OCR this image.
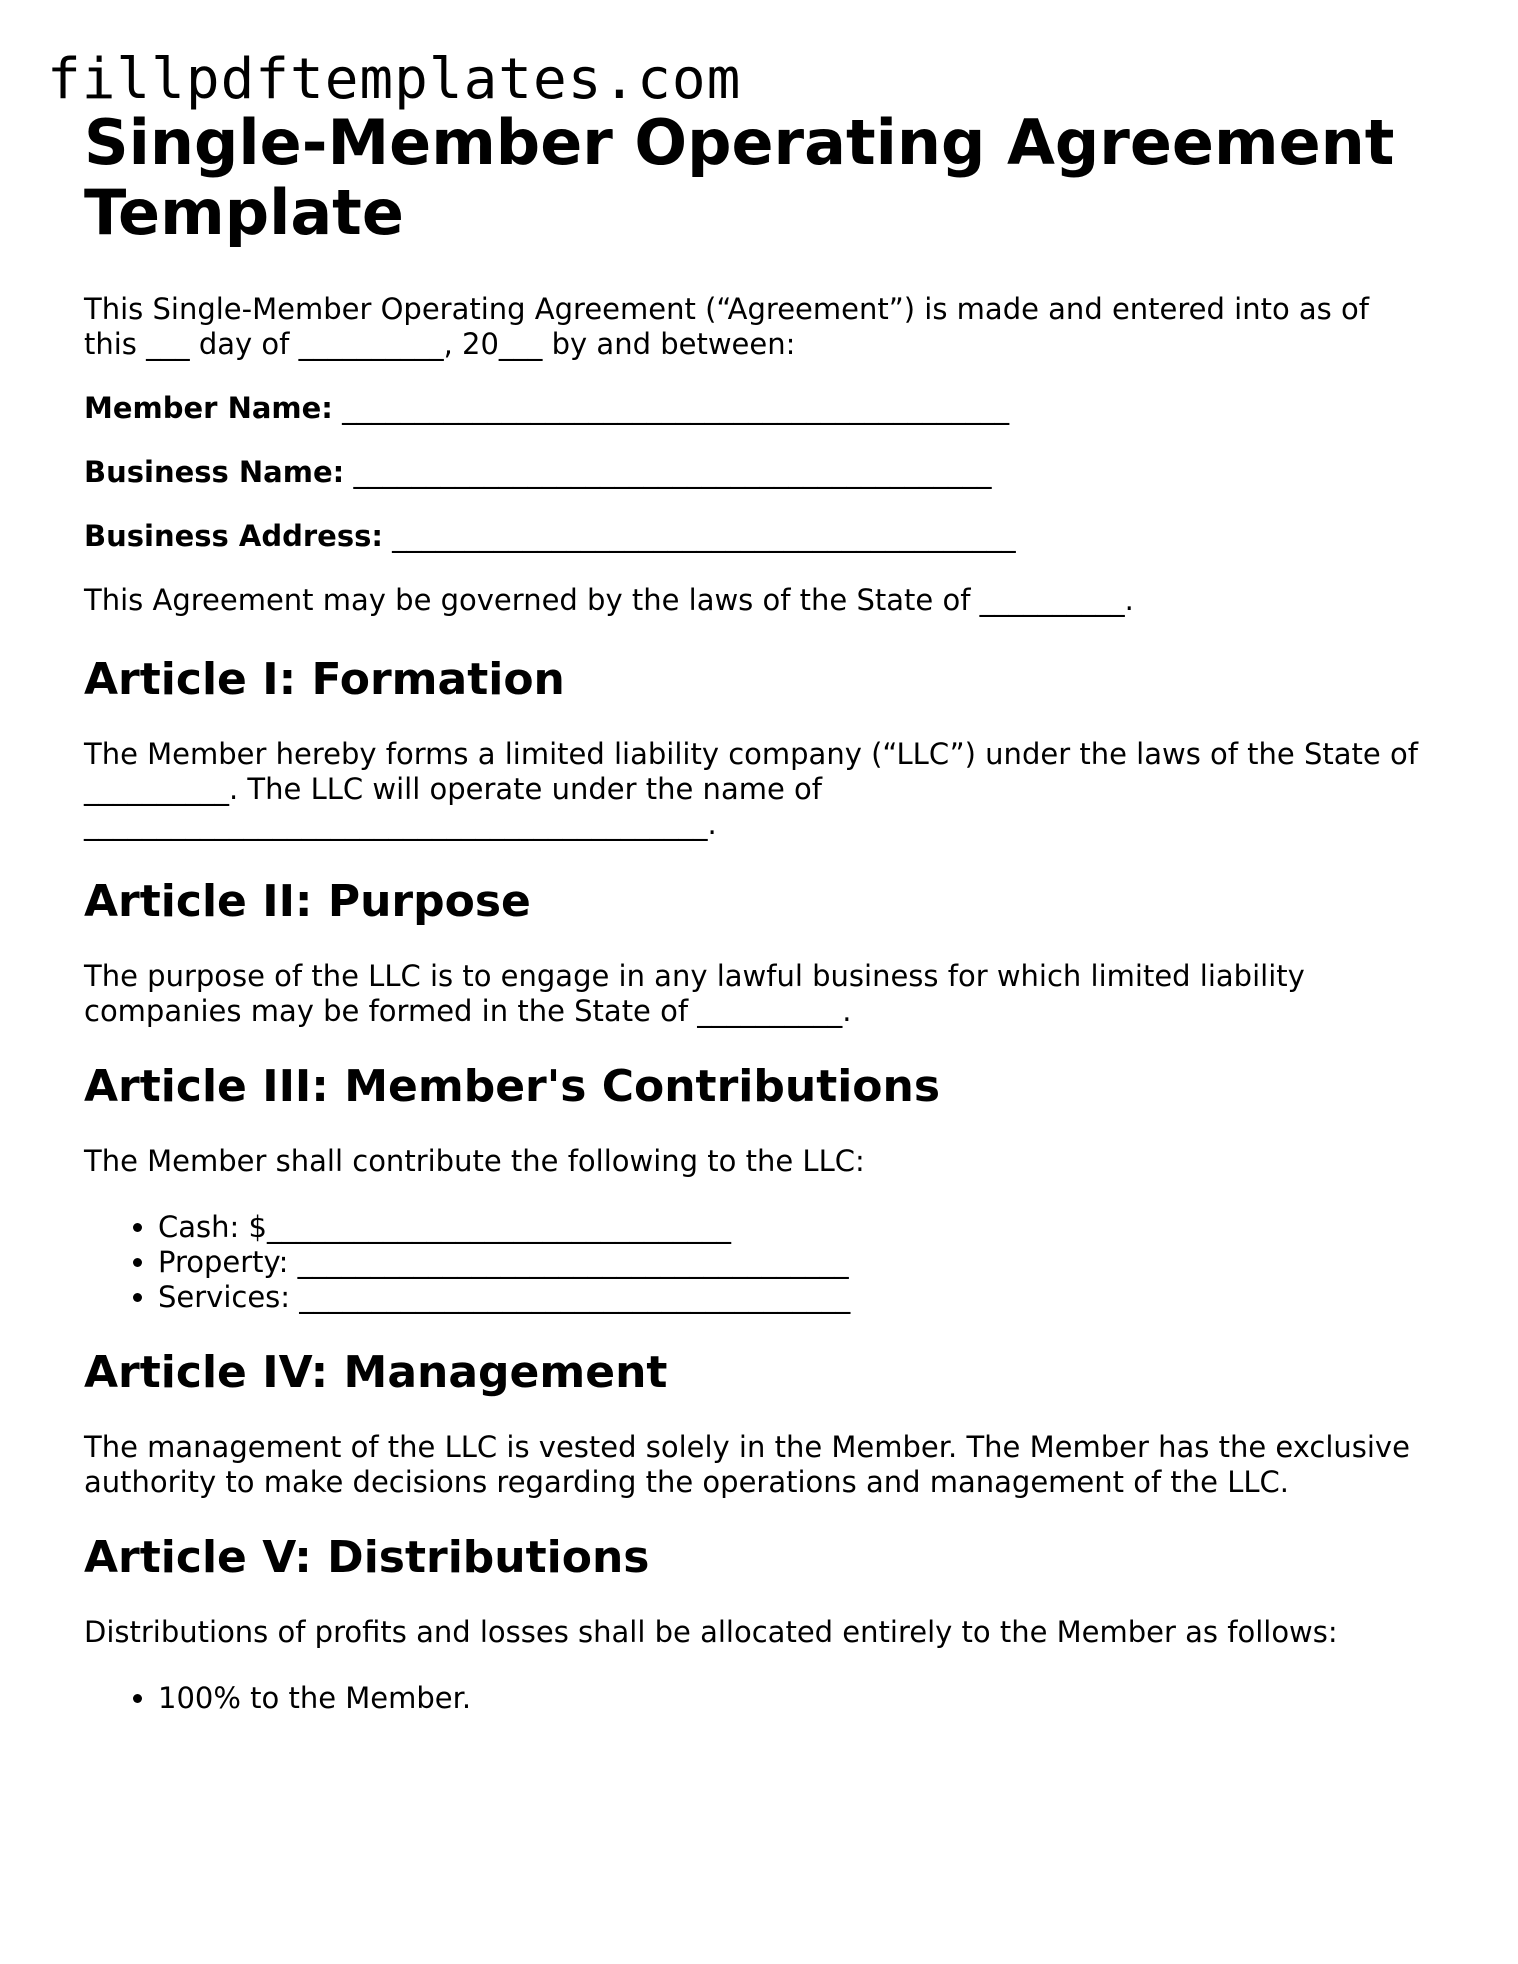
fillpdftemplates.com
Single-Member Operating Agreement Template

This Single-Member Operating Agreement (“Agreement”) is made and entered into as of this ___ day of __________, 20___ by and between:

Member Name: ______________________________________________
Business Name: ____________________________________________
Business Address: ___________________________________________

This Agreement may be governed by the laws of the State of __________.

Article I: Formation

The Member hereby forms a limited liability company (“LLC”) under the laws of the State of __________. The LLC will operate under the name of ___________________________________________.

Article II: Purpose

The purpose of the LLC is to engage in any lawful business for which limited liability companies may be formed in the State of __________.

Article III: Member's Contributions

The Member shall contribute the following to the LLC:

• Cash: $________________________________
• Property: ______________________________________
• Services: ______________________________________
Article IV: Management

The management of the LLC is vested solely in the Member. The Member has the exclusive authority to make decisions regarding the operations and management of the LLC.

Article V: Distributions

Distributions of profits and losses shall be allocated entirely to the Member as follows:

• 100% to the Member.
